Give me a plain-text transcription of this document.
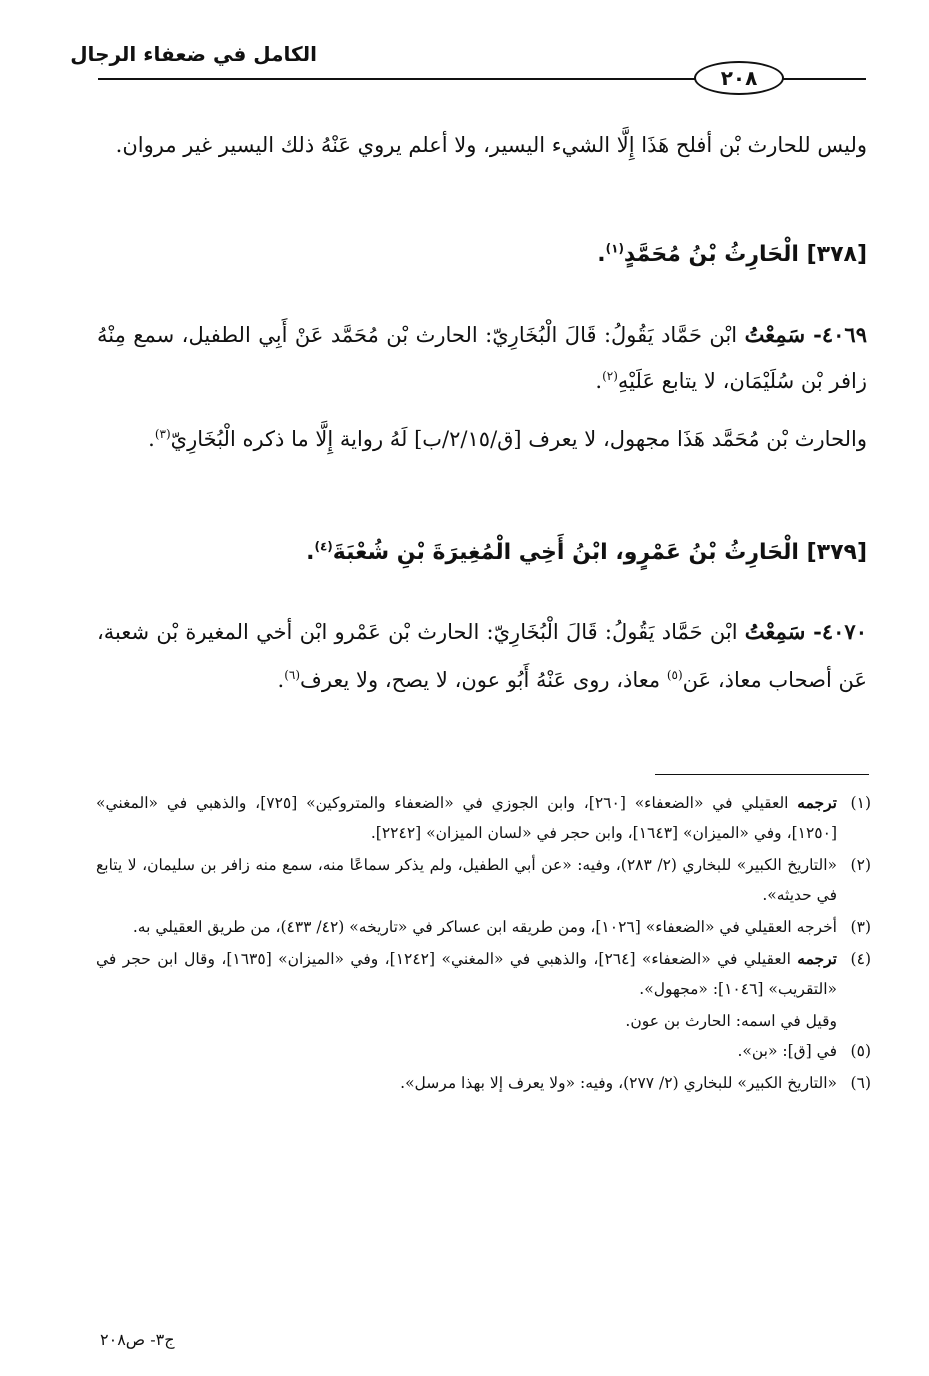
الكامل في ضعفاء الرجال
٢٠٨
وليس للحارث بْن أفلح هَذَا إِلَّا الشيء اليسير، ولا أعلم يروي عَنْهُ ذلك اليسير غير مروان.
[٣٧٨] الْحَارِثُ بْنُ مُحَمَّدٍ$^{(١)}$.
٤٠٦٩- سَمِعْتُ ابْن حَمَّاد يَقُولُ: قَالَ الْبُخَارِيّ: الحارث بْن مُحَمَّد عَنْ أَبِي الطفيل، سمع مِنْهُ زافر بْن سُلَيْمَان، لا يتابع عَلَيْهِ$^{(٢)}$.
والحارث بْن مُحَمَّد هَذَا مجهول، لا يعرف [ق/٢/١٥/ب] لَهُ رواية إِلَّا ما ذكره الْبُخَارِيّ$^{(٣)}$.
[٣٧٩] الْحَارِثُ بْنُ عَمْرٍو، ابْنُ أَخِي الْمُغِيرَةَ بْنِ شُعْبَةَ$^{(٤)}$.
٤٠٧٠- سَمِعْتُ ابْن حَمَّاد يَقُولُ: قَالَ الْبُخَارِيّ: الحارث بْن عَمْرو ابْن أخي المغيرة بْن شعبة، عَن أصحاب معاذ، عَن$^{(٥)}$ معاذ، روى عَنْهُ أَبُو عون، لا يصح، ولا يعرف$^{(٦)}$.
(١)
ترجمه العقيلي في «الضعفاء» [٢٦٠]، وابن الجوزي في «الضعفاء والمتروكين» [٧٢٥]، والذهبي في «المغني» [١٢٥٠]، وفي «الميزان» [١٦٤٣]، وابن حجر في «لسان الميزان» [٢٢٤٢].
(٢)
«التاريخ الكبير» للبخاري (٢/ ٢٨٣)، وفيه: «عن أبي الطفيل، ولم يذكر سماعًا منه، سمع منه زافر بن سليمان، لا يتابع في حديثه».
(٣)
أخرجه العقيلي في «الضعفاء» [١٠٢٦]، ومن طريقه ابن عساكر في «تاريخه» (٤٢/ ٤٣٣)، من طريق العقيلي به.
(٤)
ترجمه العقيلي في «الضعفاء» [٢٦٤]، والذهبي في «المغني» [١٢٤٢]، وفي «الميزان» [١٦٣٥]، وقال ابن حجر في «التقريب» [١٠٤٦]: «مجهول».
وقيل في اسمه: الحارث بن عون.
(٥)
في [ق]: «بن».
(٦)
«التاريخ الكبير» للبخاري (٢/ ٢٧٧)، وفيه: «ولا يعرف إلا بهذا مرسل».
ج٣- ص٢٠٨
